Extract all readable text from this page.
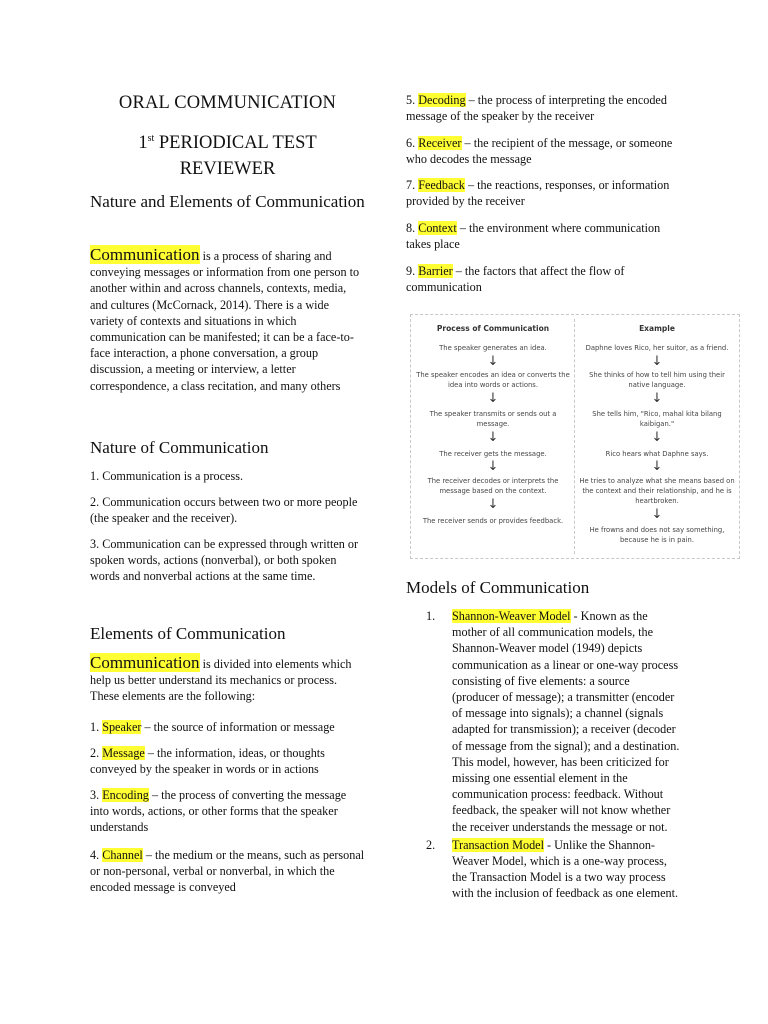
ORAL COMMUNICATION
1st PERIODICAL TEST
REVIEWER
Nature and Elements of Communication

Communication is a process of sharing and conveying messages or information from one person to another within and across channels, contexts, media, and cultures (McCornack, 2014). There is a wide variety of contexts and situations in which communication can be manifested; it can be a face-to-face interaction, a phone conversation, a group discussion, a meeting or interview, a letter correspondence, a class recitation, and many others

Nature of Communication

1. Communication is a process.

2. Communication occurs between two or more people (the speaker and the receiver).

3. Communication can be expressed through written or spoken words, actions (nonverbal), or both spoken words and nonverbal actions at the same time.

Elements of Communication

Communication is divided into elements which help us better understand its mechanics or process. These elements are the following:

1. Speaker – the source of information or message

2. Message – the information, ideas, or thoughts conveyed by the speaker in words or in actions

3. Encoding – the process of converting the message into words, actions, or other forms that the speaker understands

4. Channel – the medium or the means, such as personal or non-personal, verbal or nonverbal, in which the encoded message is conveyed

5. Decoding – the process of interpreting the encoded message of the speaker by the receiver

6. Receiver – the recipient of the message, or someone who decodes the message

7. Feedback – the reactions, responses, or information provided by the receiver

8. Context – the environment where communication takes place

9. Barrier – the factors that affect the flow of communication

Process of Communication	Example
The speaker generates an idea.
↓
The speaker encodes an idea or converts the idea into words or actions.
↓
The speaker transmits or sends out a message.
↓
The receiver gets the message.
↓
The receiver decodes or interprets the message based on the context.
↓
The receiver sends or provides feedback.
Daphne loves Rico, her suitor, as a friend.
↓
She thinks of how to tell him using their native language.
↓
She tells him, "Rico, mahal kita bilang kaibigan."
↓
Rico hears what Daphne says.
↓
He tries to analyze what she means based on the context and their relationship, and he is heartbroken.
↓
He frowns and does not say something, because he is in pain.
Models of Communication

1. Shannon-Weaver Model - Known as the mother of all communication models, the Shannon-Weaver model (1949) depicts communication as a linear or one-way process consisting of five elements: a source (producer of message); a transmitter (encoder of message into signals); a channel (signals adapted for transmission); a receiver (decoder of message from the signal); and a destination. This model, however, has been criticized for missing one essential element in the communication process: feedback. Without feedback, the speaker will not know whether the receiver understands the message or not.

2. Transaction Model - Unlike the Shannon-Weaver Model, which is a one-way process, the Transaction Model is a two way process with the inclusion of feedback as one element.
